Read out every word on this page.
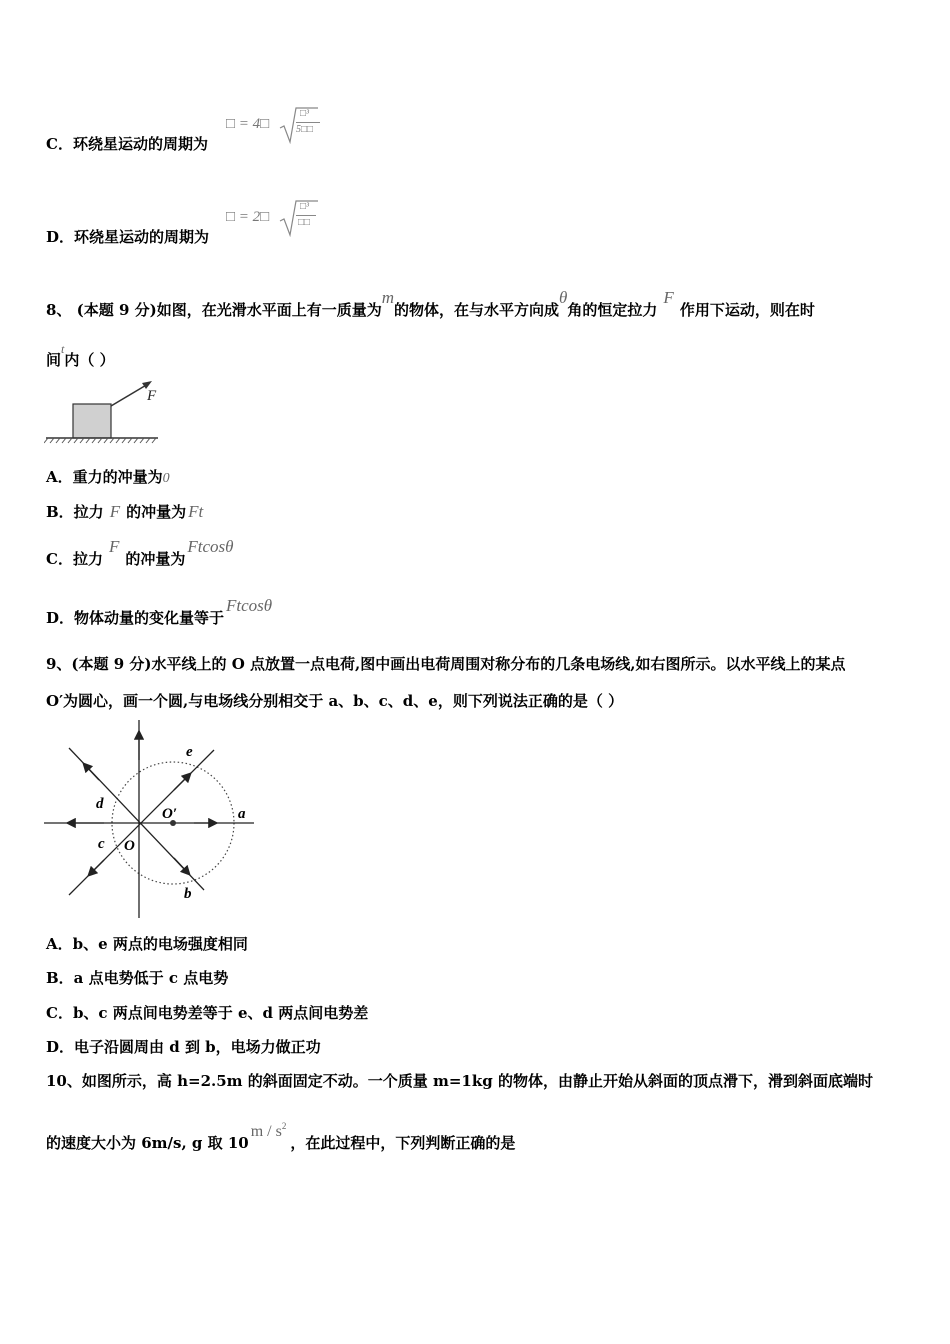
C．环绕星运动的周期为
□ = 4□
□³
5□□
D．环绕星运动的周期为
□ = 2□
□³
□□
8、 (本题 9 分)如图，在光滑水平面上有一质量为m的物体，在与水平方向成θ角的恒定拉力F作用下运动，则在时
间$^t$内（ ）
F
A．重力的冲量为0
B．拉力 F 的冲量为 Ft
C．拉力F的冲量为Ftcosθ
D．物体动量的变化量等于Ftcosθ
9、(本题 9 分)水平线上的 O 点放置一点电荷,图中画出电荷周围对称分布的几条电场线,如右图所示。以水平线上的某点
O′为圆心，画一个圆,与电场线分别相交于 a、b、c、d、e，则下列说法正确的是（ ）
a
b
c
d
e
O
O′
A．b、e 两点的电场强度相同
B．a 点电势低于 c 点电势
C．b、c 两点间电势差等于 e、d 两点间电势差
D．电子沿圆周由 d 到 b，电场力做正功
10、如图所示，高 h=2.5m 的斜面固定不动。一个质量 m=1kg 的物体，由静止开始从斜面的顶点滑下，滑到斜面底端时
的速度大小为 6m/s, g 取 $10m / s^2$，在此过程中，下列判断正确的是
